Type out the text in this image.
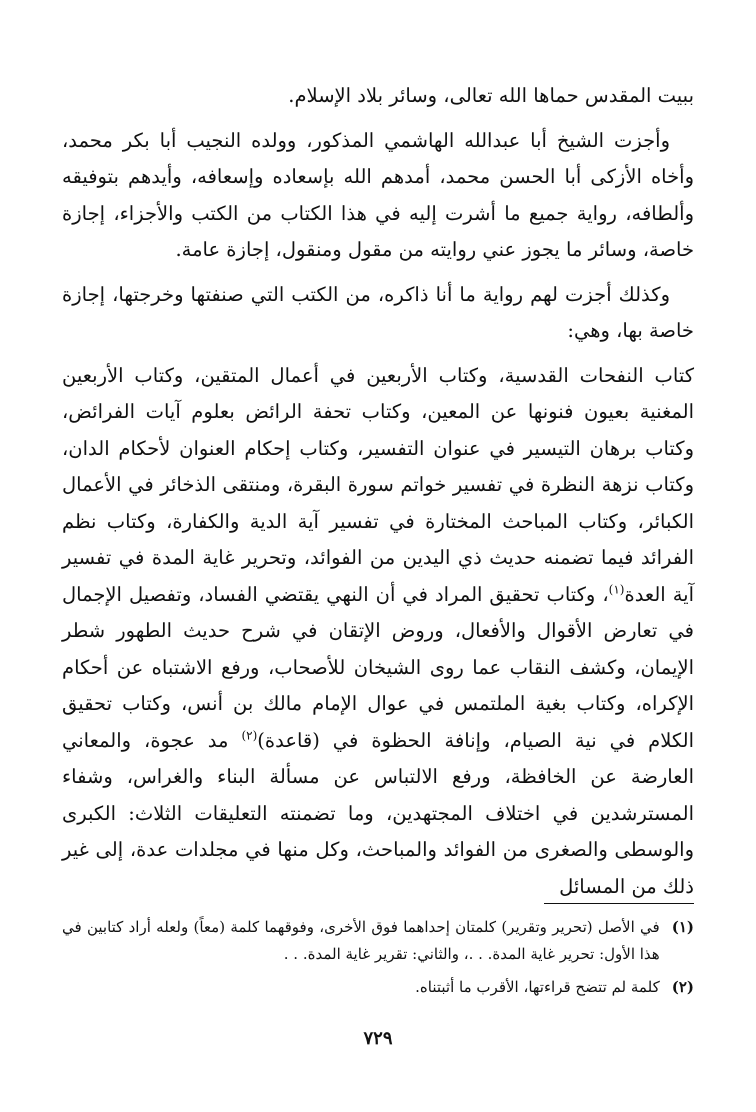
ببيت المقدس حماها الله تعالى، وسائر بلاد الإسلام.

وأجزت الشيخ أبا عبدالله الهاشمي المذكور، وولده النجيب أبا بكر محمد، وأخاه الأزكى أبا الحسن محمد، أمدهم الله بإسعاده وإسعافه، وأيدهم بتوفيقه وألطافه، رواية جميع ما أشرت إليه في هذا الكتاب من الكتب والأجزاء، إجازة خاصة، وسائر ما يجوز عني روايته من مقول ومنقول، إجازة عامة.

وكذلك أجزت لهم رواية ما أنا ذاكره، من الكتب التي صنفتها وخرجتها، إجازة خاصة بها، وهي:

كتاب النفحات القدسية، وكتاب الأربعين في أعمال المتقين، وكتاب الأربعين المغنية بعيون فنونها عن المعين، وكتاب تحفة الرائض بعلوم آيات الفرائض، وكتاب برهان التيسير في عنوان التفسير، وكتاب إحكام العنوان لأحكام الدان، وكتاب نزهة النظرة في تفسير خواتم سورة البقرة، ومنتقى الذخائر في الأعمال الكبائر، وكتاب المباحث المختارة في تفسير آية الدية والكفارة، وكتاب نظم الفرائد فيما تضمنه حديث ذي اليدين من الفوائد، وتحرير غاية المدة في تفسير آية العدة$^{(١)}$، وكتاب تحقيق المراد في أن النهي يقتضي الفساد، وتفصيل الإجمال في تعارض الأقوال والأفعال، وروض الإتقان في شرح حديث الطهور شطر الإيمان، وكشف النقاب عما روى الشيخان للأصحاب، ورفع الاشتباه عن أحكام الإكراه، وكتاب بغية الملتمس في عوال الإمام مالك بن أنس، وكتاب تحقيق الكلام في نية الصيام، وإنافة الحظوة في (قاعدة)$^{(٢)}$ مد عجوة، والمعاني العارضة عن الخافظة، ورفع الالتباس عن مسألة البناء والغراس، وشفاء المسترشدين في اختلاف المجتهدين، وما تضمنته التعليقات الثلاث: الكبرى والوسطى والصغرى من الفوائد والمباحث، وكل منها في مجلدات عدة، إلى غير ذلك من المسائل

(١)
في الأصل (تحرير وتقرير) كلمتان إحداهما فوق الأخرى، وفوقهما كلمة (معاً) ولعله أراد كتابين في هذا الأول: تحرير غاية المدة. . .، والثاني: تقرير غاية المدة. . .
(٢)
كلمة لم تتضح قراءتها، الأقرب ما أثبتناه.
٧٢٩
